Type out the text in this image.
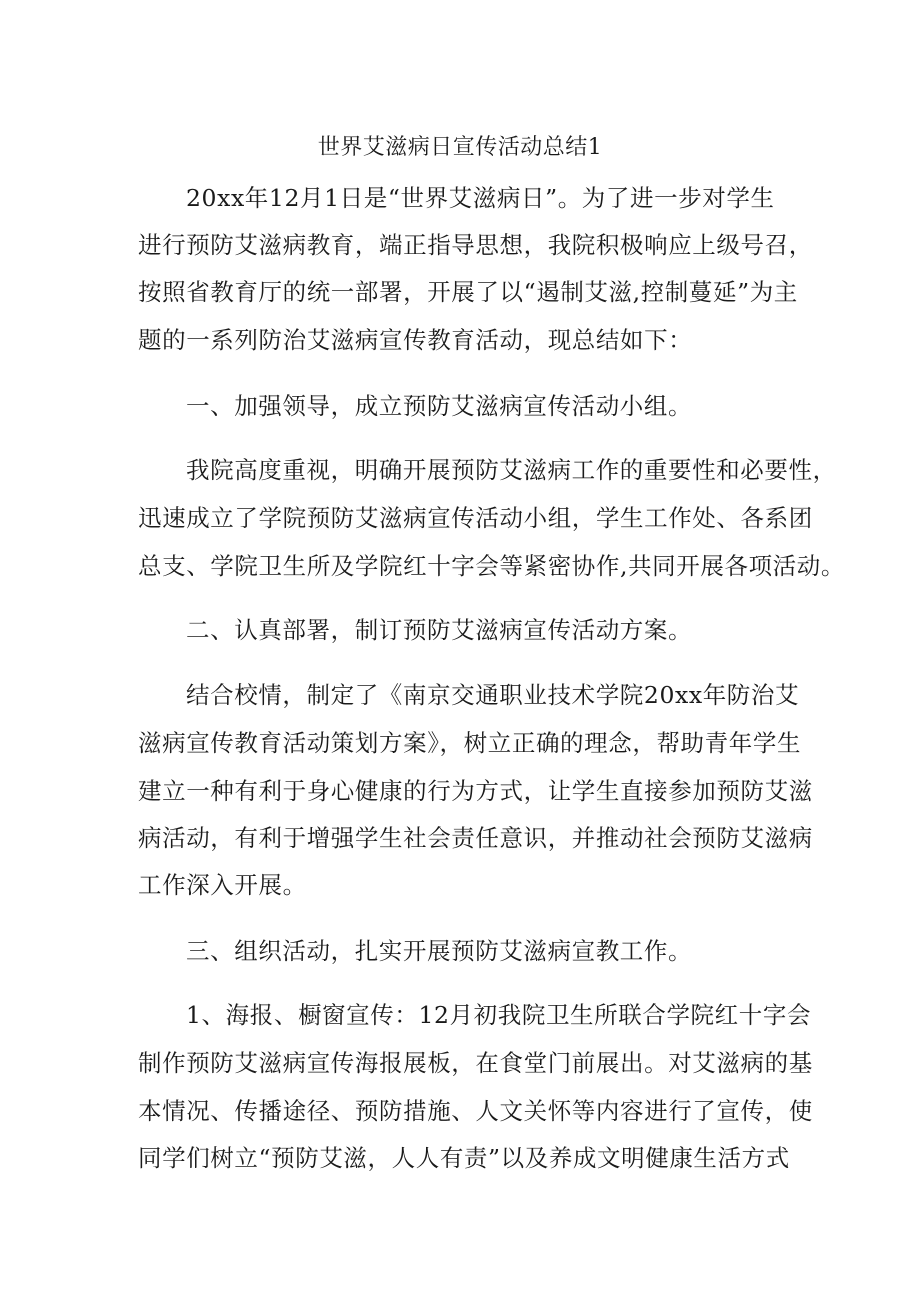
世界艾滋病日宣传活动总结1
20xx年12月1日是“世界艾滋病日”。为了进一步对学生
进行预防艾滋病教育，端正指导思想，我院积极响应上级号召，
按照省教育厅的统一部署，开展了以“遏制艾滋,控制蔓延”为主
题的一系列防治艾滋病宣传教育活动，现总结如下：
一、加强领导，成立预防艾滋病宣传活动小组。
我院高度重视，明确开展预防艾滋病工作的重要性和必要性，
迅速成立了学院预防艾滋病宣传活动小组，学生工作处、各系团
总支、学院卫生所及学院红十字会等紧密协作,共同开展各项活动。
二、认真部署，制订预防艾滋病宣传活动方案。
结合校情，制定了《南京交通职业技术学院20xx年防治艾
滋病宣传教育活动策划方案》，树立正确的理念，帮助青年学生
建立一种有利于身心健康的行为方式，让学生直接参加预防艾滋
病活动，有利于增强学生社会责任意识，并推动社会预防艾滋病
工作深入开展。
三、组织活动，扎实开展预防艾滋病宣教工作。
1、海报、橱窗宣传：12月初我院卫生所联合学院红十字会
制作预防艾滋病宣传海报展板，在食堂门前展出。对艾滋病的基
本情况、传播途径、预防措施、人文关怀等内容进行了宣传，使
同学们树立“预防艾滋，人人有责”以及养成文明健康生活方式
